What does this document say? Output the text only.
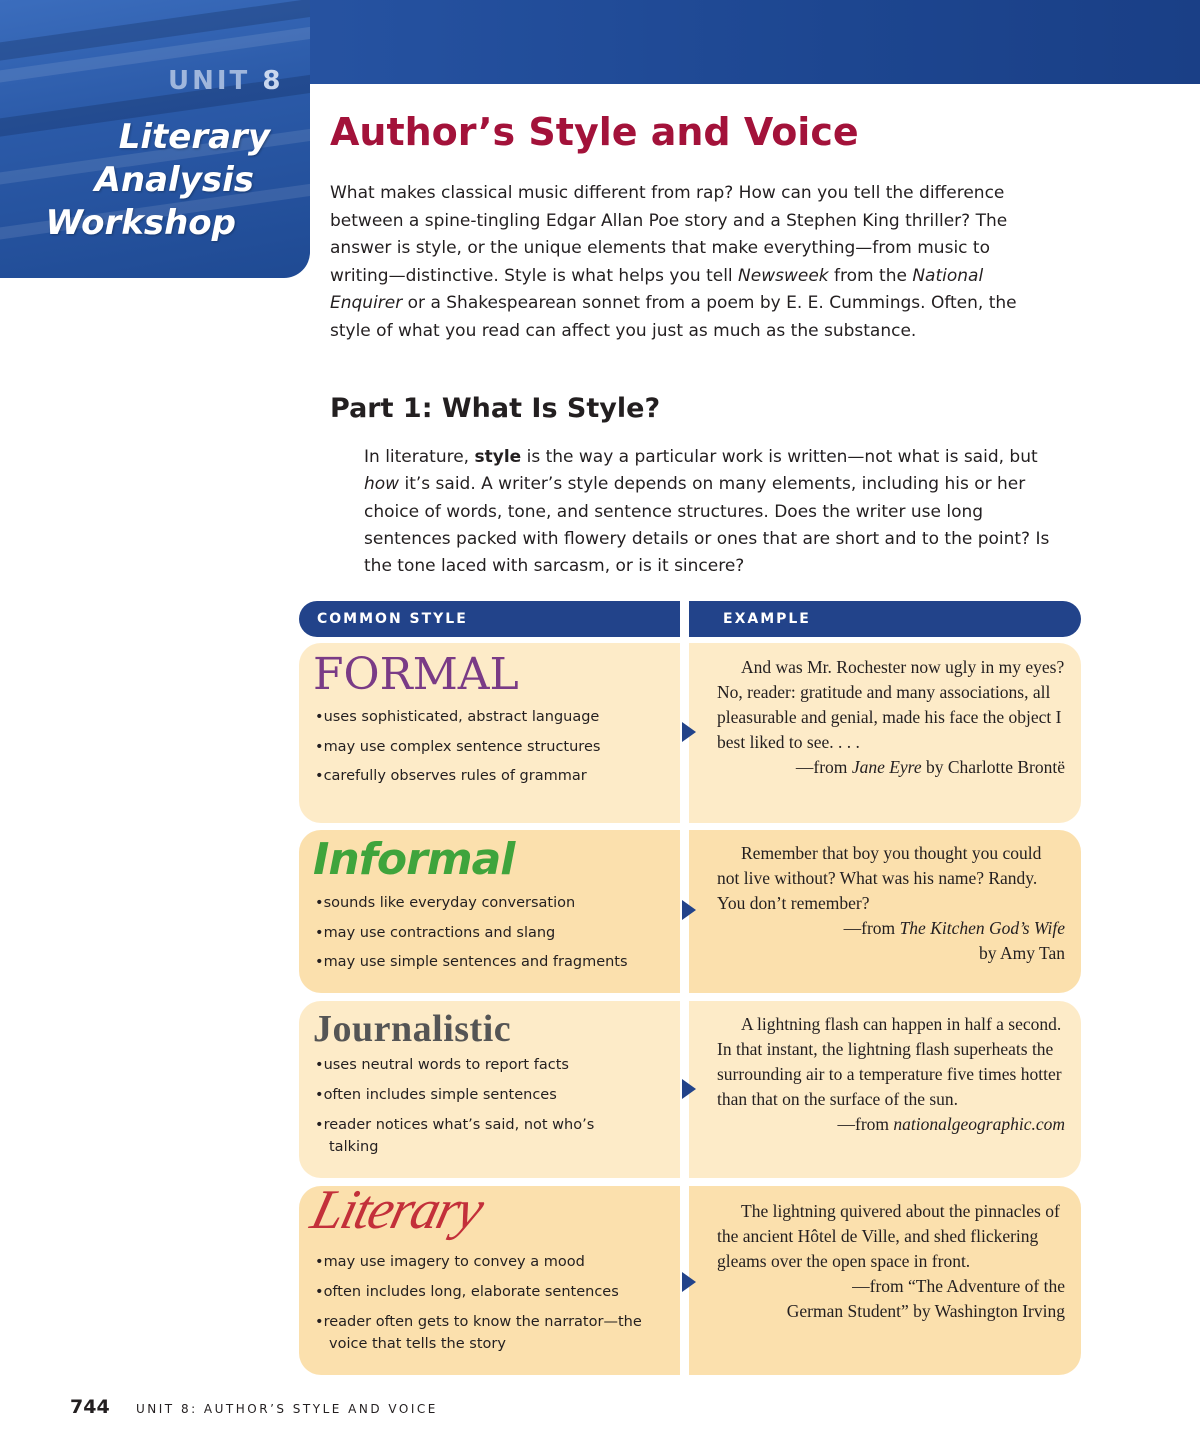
UNIT 8
Literary
Analysis
Workshop
Author’s Style and Voice

What makes classical music different from rap? How can you tell the difference between a spine-tingling Edgar Allan Poe story and a Stephen King thriller? The answer is style, or the unique elements that make everything—from music to writing—distinctive. Style is what helps you tell Newsweek from the National Enquirer or a Shakespearean sonnet from a poem by E. E. Cummings. Often, the style of what you read can affect you just as much as the substance.

Part 1: What Is Style?

In literature, style is the way a particular work is written—not what is said, but how it’s said. A writer’s style depends on many elements, including his or her choice of words, tone, and sentence structures. Does the writer use long sentences packed with flowery details or ones that are short and to the point? Is the tone laced with sarcasm, or is it sincere?

COMMON STYLE	EXAMPLE
FORMAL
• uses sophisticated, abstract language
• may use complex sentence structures
• carefully observes rules of grammar
And was Mr. Rochester now ugly in my eyes? No, reader: gratitude and many associations, all pleasurable and genial, made his face the object I best liked to see. . . .
—from Jane Eyre by Charlotte Brontë
Informal
• sounds like everyday conversation
• may use contractions and slang
• may use simple sentences and fragments
Remember that boy you thought you could not live without? What was his name? Randy. You don’t remember?
—from The Kitchen God’s Wife
by Amy Tan
Journalistic
• uses neutral words to report facts
• often includes simple sentences
• reader notices what’s said, not who’s talking
A lightning flash can happen in half a second. In that instant, the lightning flash superheats the surrounding air to a temperature five times hotter than that on the surface of the sun.
—from nationalgeographic.com
Literary
• may use imagery to convey a mood
• often includes long, elaborate sentences
• reader often gets to know the narrator—the voice that tells the story
The lightning quivered about the pinnacles of the ancient Hôtel de Ville, and shed flickering gleams over the open space in front.
—from “The Adventure of the
German Student” by Washington Irving
744 UNIT 8: AUTHOR’S STYLE AND VOICE
